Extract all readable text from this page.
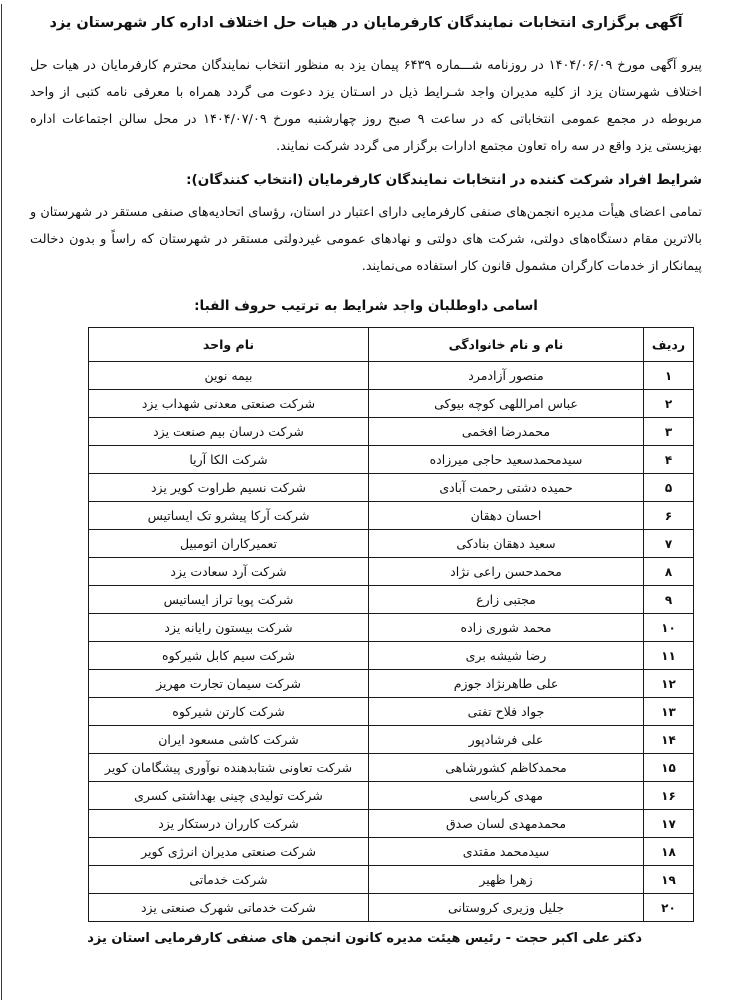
آگهی برگزاری انتخابات نمایندگان کارفرمایان در هیات حل اختلاف اداره کار شهرستان یزد

پیرو آگهی مورخ ۱۴۰۴/۰۶/۰۹ در روزنامه شـــماره ۶۴۳۹ پیمان یزد به منظور انتخاب نمایندگان محترم کارفرمایان در هیات حل اختلاف شهرستان یزد از کلیه مدیران واجد شـرایط ذیل در اسـتان یزد دعوت می گردد همراه با معرفی نامه کتبی از واحد مربوطه در مجمع عمومی انتخاباتی که در ساعت ۹ صبح روز چهارشنبه مورخ ۱۴۰۴/۰۷/۰۹ در محل سالن اجتماعات اداره بهزیستی یزد واقع در سه راه تعاون مجتمع ادارات برگزار می گردد شرکت نمایند.

شرایط افراد شرکت کننده در انتخابات نمایندگان کارفرمایان (انتخاب کنندگان):

تمامی اعضای هیأت مدیره انجمن‌های صنفی کارفرمایی دارای اعتبار در استان، رؤسای اتحادیه‌های صنفی مستقر در شهرستان و بالاترین مقام دستگاه‌های دولتی، شرکت های دولتی و نهادهای عمومی غیردولتی مستقر در شهرستان که راساً و بدون دخالت پیمانکار از خدمات کارگران مشمول قانون کار استفاده می‌نمایند.

اسامی داوطلبان واجد شرایط به ترتیب حروف الفبا:
ردیف	نام و نام خانوادگی	نام واحد
۱	منصور آزادمرد	بیمه نوین
۲	عباس امراللهی کوچه بیوکی	شرکت صنعتی معدنی شهداب یزد
۳	محمدرضا افخمی	شرکت درسان بیم صنعت یزد
۴	سیدمحمدسعید حاجی میرزاده	شرکت الکا آریا
۵	حمیده دشتی رحمت آبادی	شرکت نسیم طراوت کویر یزد
۶	احسان دهقان	شرکت آرکا پیشرو تک ایساتیس
۷	سعید دهقان بنادکی	تعمیرکاران اتومبیل
۸	محمدحسن راعی نژاد	شرکت آرد سعادت یزد
۹	مجتبی زارع	شرکت پویا تراز ایساتیس
۱۰	محمد شوری زاده	شرکت بیستون رایانه یزد
۱۱	رضا شیشه بری	شرکت سیم کابل شیرکوه
۱۲	علی طاهرنژاد جوزم	شرکت سیمان تجارت مهریز
۱۳	جواد فلاح تفتی	شرکت کارتن شیرکوه
۱۴	علی فرشادپور	شرکت کاشی مسعود ایران
۱۵	محمدکاظم کشورشاهی	شرکت تعاونی شتابدهنده نوآوری پیشگامان کویر
۱۶	مهدی کرباسی	شرکت تولیدی چینی بهداشتی کسری
۱۷	محمدمهدی لسان صدق	شرکت کارران درستکار یزد
۱۸	سیدمحمد مقتدی	شرکت صنعتی مدیران انرژی کویر
۱۹	زهرا ظهیر	شرکت خدماتی
۲۰	جلیل وزیری کروستانی	شرکت خدماتی شهرک صنعتی یزد
دکتر علی اکبر حجت - رئیس هیئت مدیره کانون انجمن های صنفی کارفرمایی استان یزد
